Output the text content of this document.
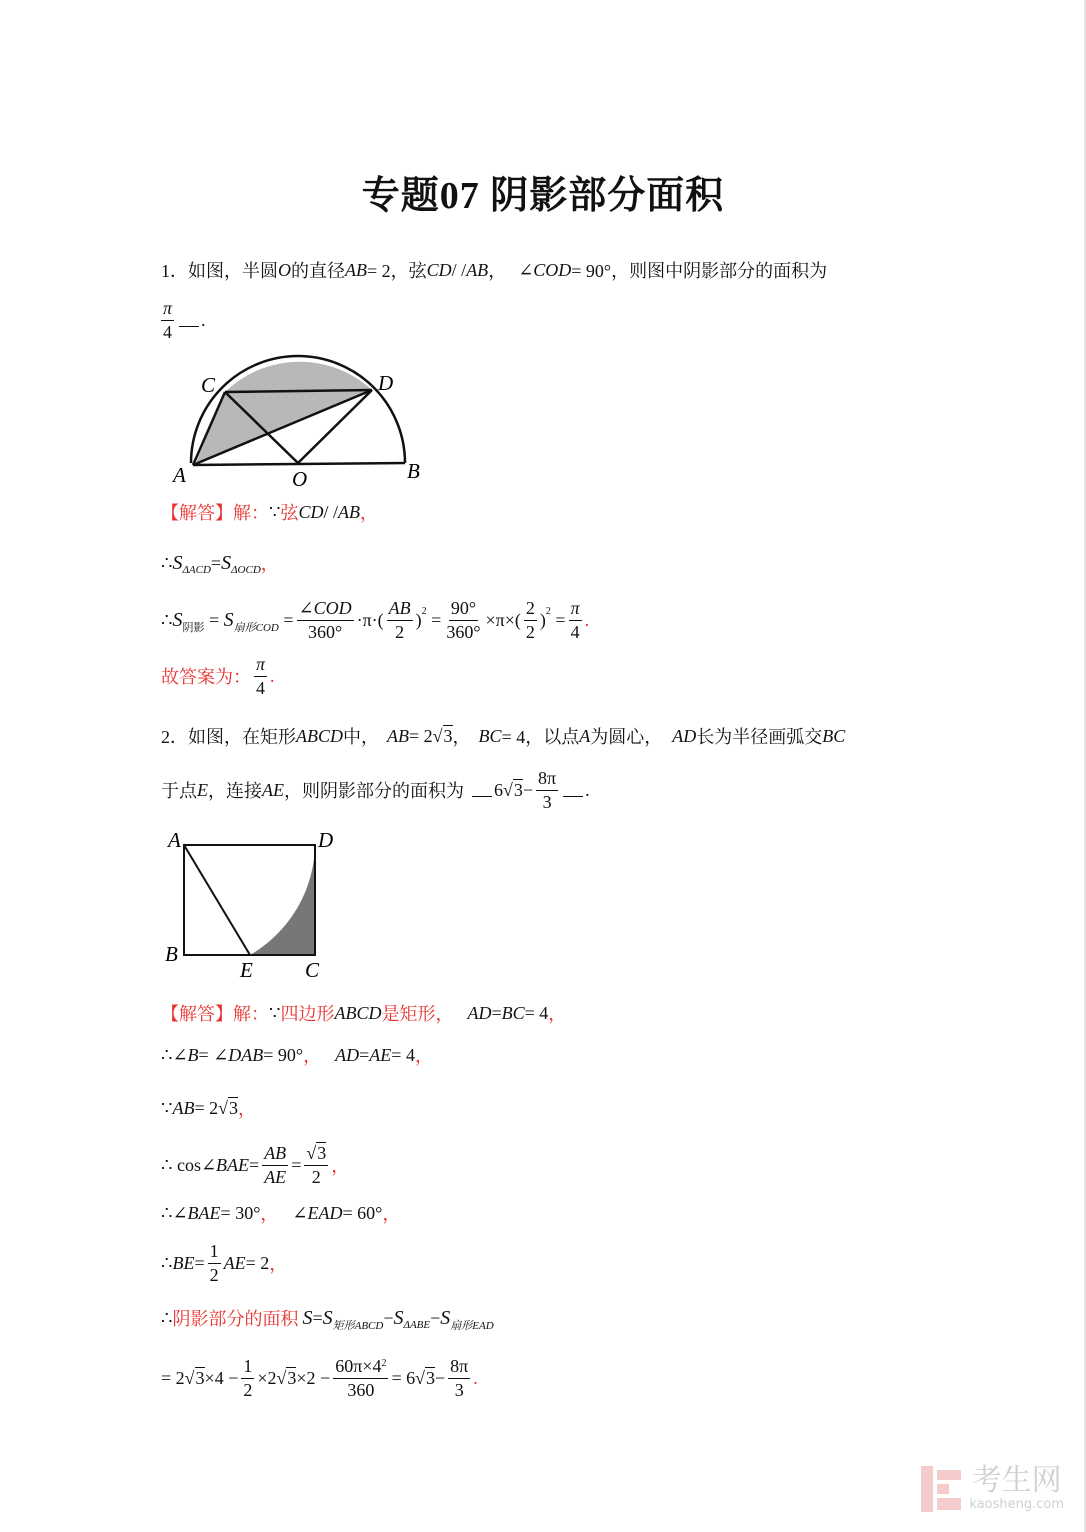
专题07 阴影部分面积
1． 如图，半圆 O 的直径 AB = 2，弦 CD / / AB ， ∠COD = 90°，则图中阴影部分的面积为
$\frac{\pi}{4}$ .
C	D
A	O	B
【解答】解： ∵ 弦 CD / / AB ，
∴ S ΔACD = S ΔOCD ，
∴ S 阴影 = S 扇形COD = $\frac{\text{∠COD}}{360^\circ} \cdot\pi\cdot( \frac{AB}{2}$ ) $2 = \frac{90^\circ}{360^\circ} \times\pi\times( \frac{2}{2}$ ) $2 = \frac{\pi}{4}$ .
故答案为： $\frac{\pi}{4}$ .
2． 如图，在矩形 ABCD 中， AB = 2 √ 3 ， BC = 4，以点 A 为圆心， AD 长为半径画弧交 BC
于点 E ，连接 AE ，则阴影部分的面积为 6 √ $3 - \frac{8\pi}{3}$ .
A	D
B
E C
【解答】解： ∵ 四边形 ABCD 是矩形， AD = BC = 4 ，
∴∠ B = ∠ DAB = 90° ， AD = AE = 4 ，
∵ AB = 2 √ 3 ，
∴ cos∠ BAE = $\frac{AB}{AE} = \frac{√3}{2}$ ，
∴∠ BAE = 30° ， ∠ EAD = 60° ，
∴ BE = $\frac{1}{2}$ AE = 2 ，
∴ 阴影部分的面积 S = S 矩形ABCD − S ΔABE − S 扇形EAD
= 2 √ $3 \times 4 - \frac{1}{2} \times 2$ √ $3 \times 2 - \frac{60\pi\times 4^2}{360} = 6$ √ $3 - \frac{8\pi}{3}$ .
考生网
kaosheng.com
